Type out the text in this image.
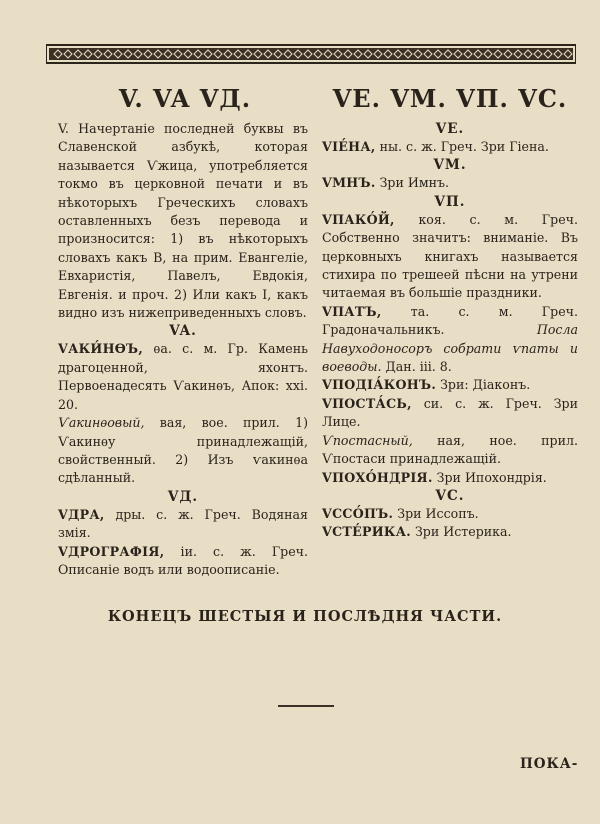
V. VA VД.	VЕ. VМ. VП. VС.

V. Начертаніе последней буквы въ Славенской азбукѣ, которая называется Ѵжица, употребляется токмо въ церковной печати и въ нѣкоторыхъ Греческихъ словахъ оставленныхъ безъ перевода и произносится: 1) въ нѣкоторыхъ словахъ какъ В, на прим. Евангеліе, Евхаристія, Павелъ, Евдокія, Евгенія. и проч. 2) Или какъ I, какъ видно изъ нижеприведенныхъ словъ.

VA.

VАКИ́НѲЪ, ѳа. с. м. Гр. Камень драгоценной, яхонтъ. Первоенадесять Ѵакинѳъ, Апок: ххі. 20.

Ѵакинѳовый, вая, вое. прил. 1) Ѵакинѳу принадлежащій, свойственный. 2) Изъ ѵакинѳа сдѣланный.

VД.

VДРА, дры. с. ж. Греч. Водяная змія.

VДРОГРАФІЯ, іи. с. ж. Греч. Описаніе водъ или водоописаніе.

VЕ.

VІЕ́НА, ны. с. ж. Греч. Зри Гіена.

VМ.

VМНЪ. Зри Имнъ.

VП.

VПАКО́Й, коя. с. м. Греч. Собственно значитъ: вниманіе. Въ церковныхъ книгахъ называется стихира по трешеей пѣсни на утрени читаемая въ большіе праздники.

VПАТЪ, та. с. м. Греч. Градоначальникъ.	Посла Навуходоносоръ собрати ѵпаты и воеводы. Дан. ііі. 8.

VПОДІА́КОНЪ. Зри: Діаконъ.

VПОСТА́СЬ, си. с. ж. Греч. Зри Лице.

Ѵпостасный, ная, ное. прил. Ѵпостаси принадлежащій.

VПОХО́НДРІЯ. Зри Ипохондрія.

VС.

VССО́ПЪ. Зри Иссопъ.

VСТЕ́РИКА. Зри Истерика.

КОНЕЦЪ ШЕСТЫЯ И ПОСЛѢДНЯ ЧАСТИ.
ПОКА-
